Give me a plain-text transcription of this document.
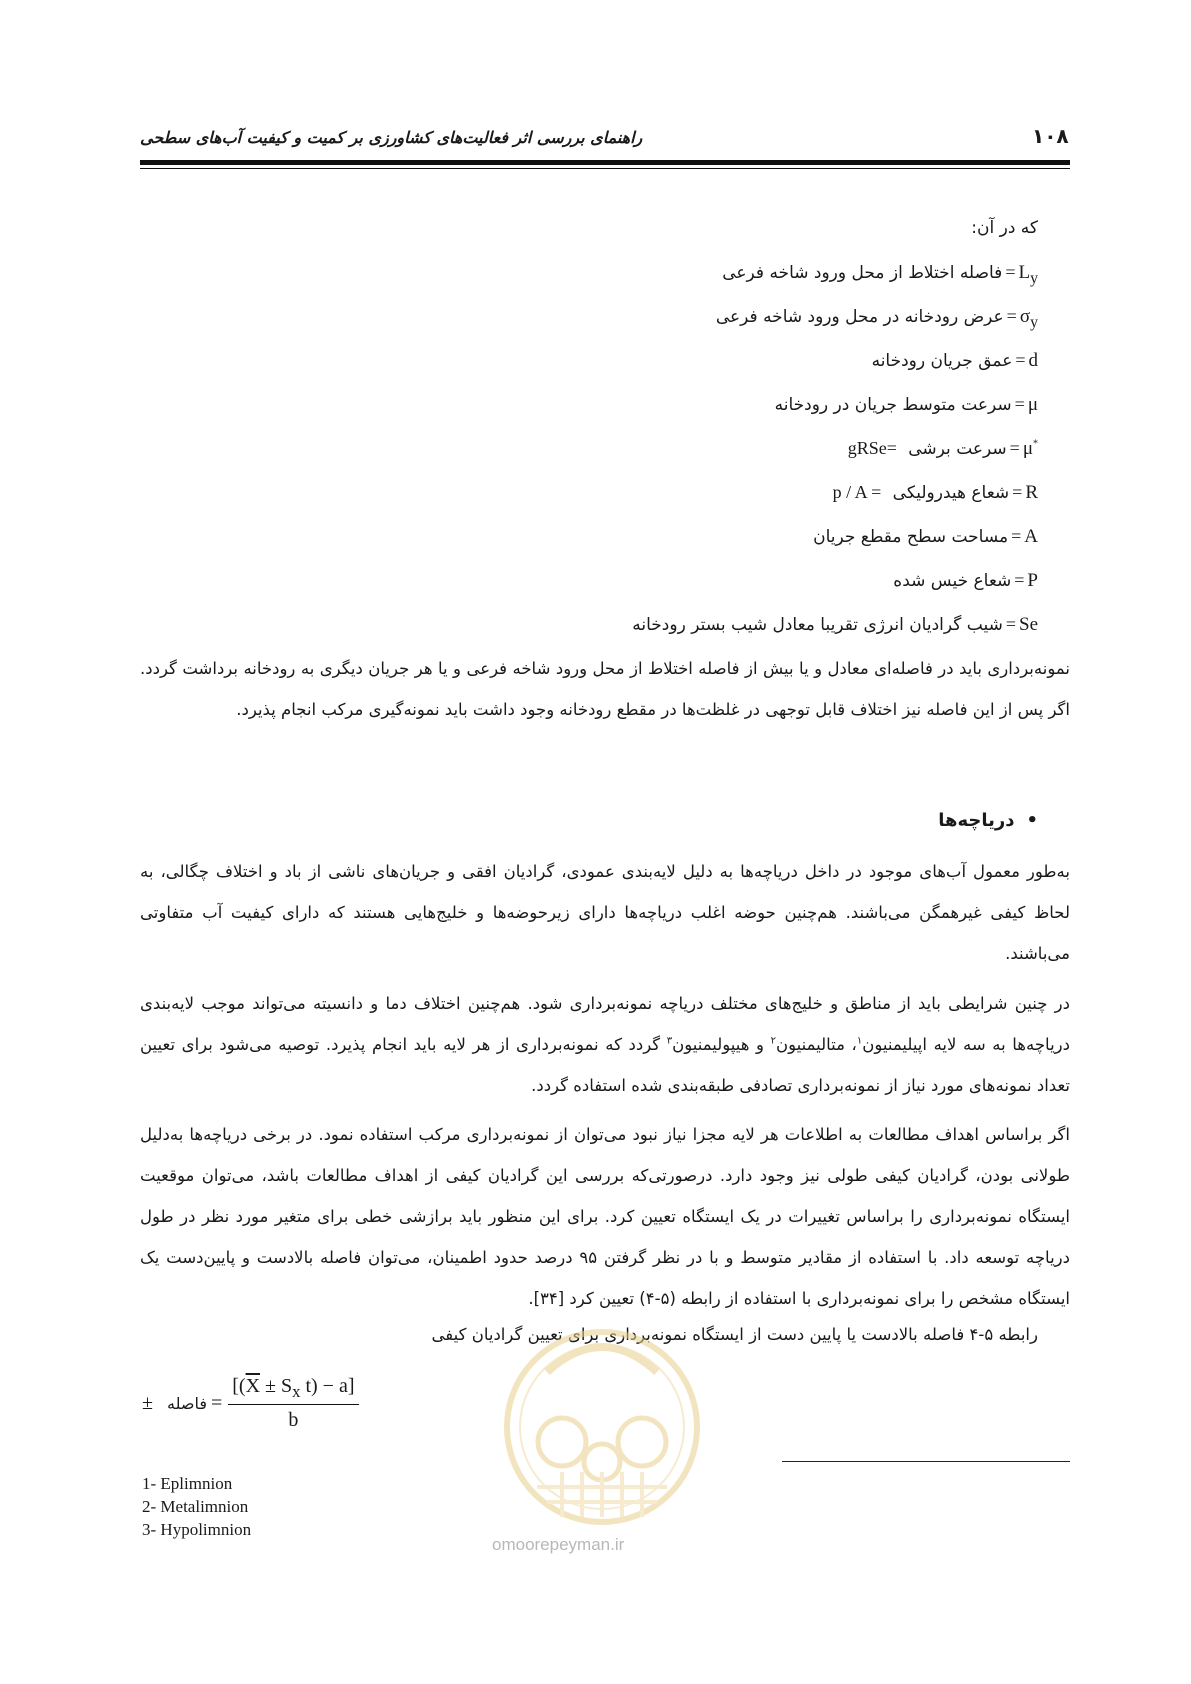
راهنمای بررسی اثر فعالیت‌های کشاورزی بر کمیت و کیفیت آب‌های سطحی	۱۰۸
که در آن:
$L_y=فاصله$ اختلاط از محل ورود شاخه فرعی
$\sigma_y=عرض$ رودخانه در محل ورود شاخه فرعی
d=عمق جریان رودخانه
μ=سرعت متوسط جریان در رودخانه
μ*=سرعت برشی gRSe=
R=شعاع هیدرولیکی p / A =
A=مساحت سطح مقطع جریان
P=شعاع خیس شده
Se=شیب گرادیان انرژی تقریبا معادل شیب بستر رودخانه
نمونه‌برداری باید در فاصله‌ای معادل و یا بیش از فاصله اختلاط از محل ورود شاخه فرعی و یا هر جریان دیگری به رودخانه برداشت گردد. اگر پس از این فاصله نیز اختلاف قابل توجهی در غلظت‌ها در مقطع رودخانه وجود داشت باید نمونه‌گیری مرکب انجام پذیرد.
•دریاچه‌ها
به‌طور معمول آب‌های موجود در داخل دریاچه‌ها به دلیل لایه‌بندی عمودی، گرادیان افقی و جریان‌های ناشی از باد و اختلاف چگالی، به لحاظ کیفی غیرهمگن می‌باشند. هم‌چنین حوضه اغلب دریاچه‌ها دارای زیرحوضه‌ها و خلیج‌هایی هستند که دارای کیفیت آب متفاوتی می‌باشند.
در چنین شرایطی باید از مناطق و خلیج‌های مختلف دریاچه نمونه‌برداری شود. هم‌چنین اختلاف دما و دانسیته می‌تواند موجب لایه‌بندی دریاچه‌ها به سه لایه اپیلیمنیون$^۱$، متالیمنیون$^۲$ و هیپولیمنیون$^۳$ گردد که نمونه‌برداری از هر لایه باید انجام پذیرد. توصیه می‌شود برای تعیین تعداد نمونه‌های مورد نیاز از نمونه‌برداری تصادفی طبقه‌بندی شده استفاده گردد.
اگر براساس اهداف مطالعات به اطلاعات هر لایه مجزا نیاز نبود می‌توان از نمونه‌برداری مرکب استفاده نمود. در برخی دریاچه‌ها به‌دلیل طولانی بودن، گرادیان کیفی طولی نیز وجود دارد. درصورتی‌که بررسی این گرادیان کیفی از اهداف مطالعات باشد، می‌توان موقعیت ایستگاه نمونه‌برداری را براساس تغییرات در یک ایستگاه تعیین کرد. برای این منظور باید برازشی خطی برای متغیر مورد نظر در طول دریاچه توسعه داد. با استفاده از مقادیر متوسط و با در نظر گرفتن ۹۵ درصد حدود اطمینان، می‌توان فاصله بالادست و پایین‌دست یک ایستگاه مشخص را برای نمونه‌برداری با استفاده از رابطه (۵-۴) تعیین کرد [۳۴].
رابطه ۵-۴ فاصله بالادست یا پایین دست از ایستگاه نمونه‌برداری برای تعیین گرادیان کیفی
± فاصله = $\frac{[(\overline{X} \pm S_x t) - a]}{b}$
1- Eplimnion
2- Metalimnion
3- Hypolimnion
omoorepeyman.ir
